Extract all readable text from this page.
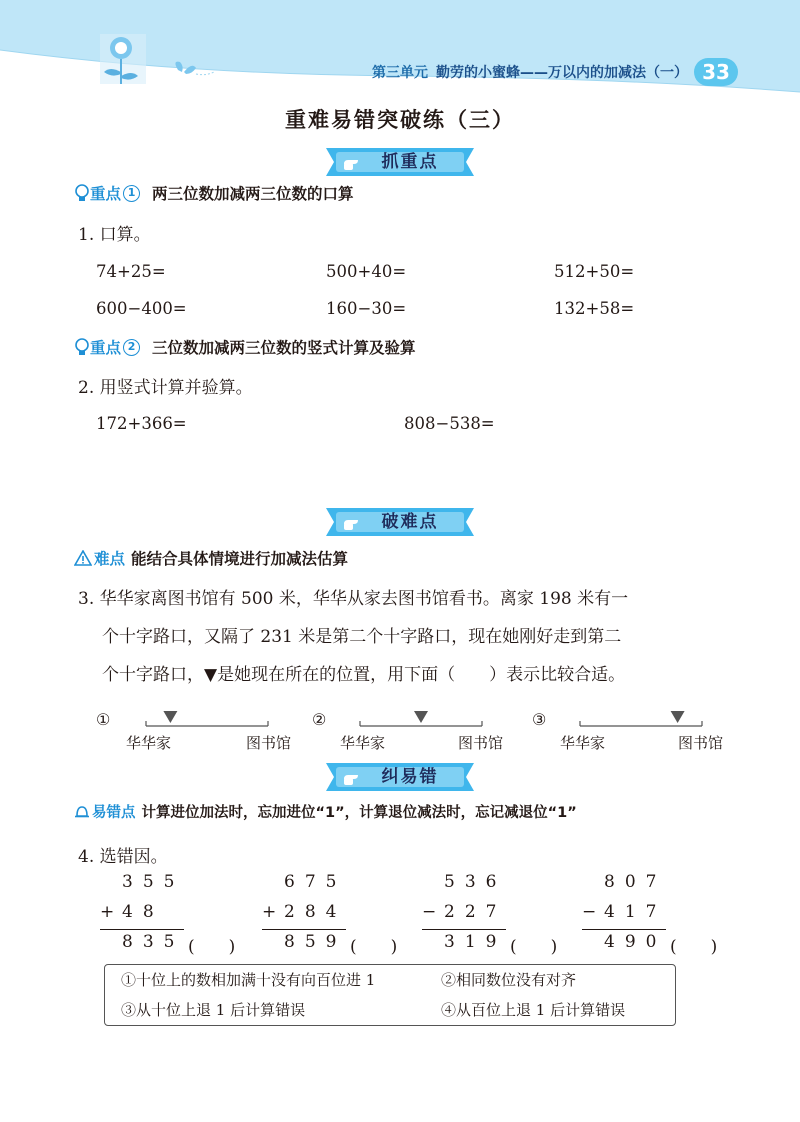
第三单元 勤劳的小蜜蜂——万以内的加减法（一） 33
重难易错突破练（三）
抓重点
重点 1	两三位数加减两三位数的口算
1. 口算。
74+25=	500+40=	512+50=
600−400=	160−30=	132+58=
重点 2	三位数加减两三位数的竖式计算及验算
2. 用竖式计算并验算。
172+366=	808−538=
破难点
难点 能结合具体情境进行加减法估算

3. 华华家离图书馆有 500 米，华华从家去图书馆看书。离家 198 米有一

个十字路口，又隔了 231 米是第二个十字路口，现在她刚好走到第二

个十字路口，▼是她现在所在的位置，用下面（　　）表示比较合适。

①
华华家	图书馆
②
华华家	图书馆
③
华华家	图书馆
纠易错
易错点 计算进位加法时，忘加进位“1”，计算退位减法时，忘记减退位“1”
4. 选错因。
355
+
48
835 (　　)
675
+
284
859 (　　)
536
−
227
319 (　　)
807
−
417
490 (　　)
①十位上的数相加满十没有向百位进 1	②相同数位没有对齐
③从十位上退 1 后计算错误	④从百位上退 1 后计算错误
